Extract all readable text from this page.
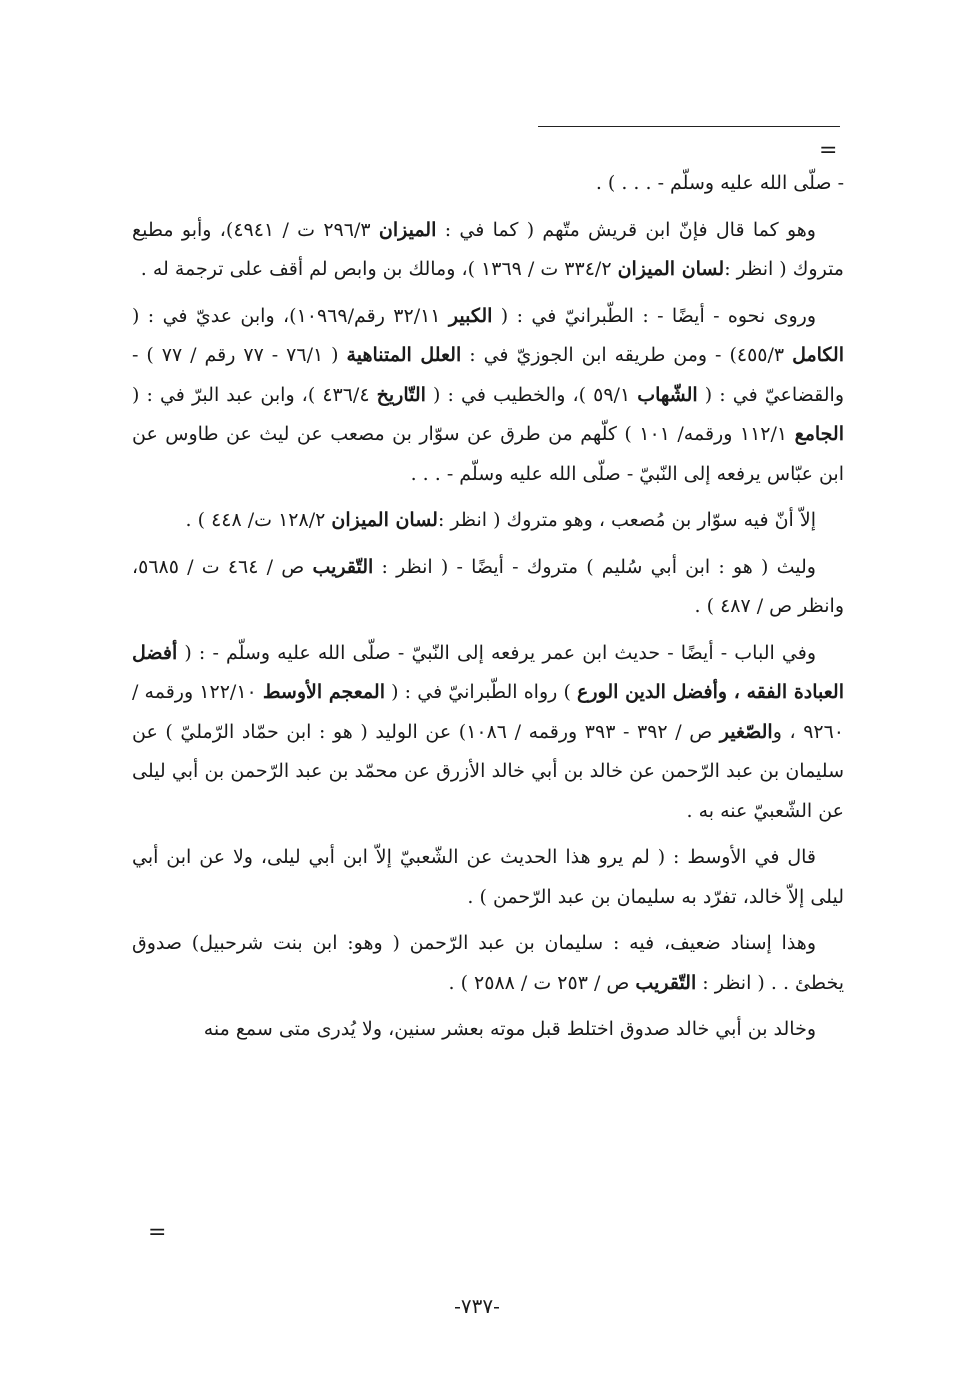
=

- صلّى الله عليه وسلّم - . . . ) .

وهو كما قال فإنّ ابن قريش متّهم ( كما في : الميزان ٢٩٦/٣ ت / ٤٩٤١)، وأبو مطيع متروك ( انظر :لسان الميزان ٣٣٤/٢ ت / ١٣٦٩ )، ومالك بن وابص لم أقف على ترجمة له .

وروى نحوه - أيضًا - : الطّبرانيّ في : ( الكبير ٣٢/١١ رقم/١٠٩٦٩)، وابن عديّ في : ( الكامل ٤٥٥/٣) - ومن طريقه ابن الجوزيّ في : العلل المتناهية ( ٧٦/١ - ٧٧ رقم / ٧٧ ) - والقضاعيّ في : ( الشّهاب ٥٩/١ )، والخطيب في : ( التّاريخ ٤٣٦/٤ )، وابن عبد البرّ في : ( الجامع ١١٢/١ ورقمه/ ١٠١ ) كلّهم من طرق عن سوّار بن مصعب عن ليث عن طاوس عن ابن عبّاس يرفعه إلى النّبيّ - صلّى الله عليه وسلّم - . . .

إلاّ أنّ فيه سوّار بن مُصعب ، وهو متروك ( انظر :لسان الميزان ١٢٨/٢ ت/ ٤٤٨ ) .

وليث ( هو : ابن أبي سُليم ) متروك - أيضًا - ( انظر : التّقريب ص / ٤٦٤ ت / ٥٦٨٥، وانظر ص / ٤٨٧ ) .

وفي الباب - أيضًا - حديث ابن عمر يرفعه إلى النّبيّ - صلّى الله عليه وسلّم - : ( أفضل العبادة الفقه ، وأفضل الدين الورع ) رواه الطّبرانيّ في : ( المعجم الأوسط ١٢٢/١٠ ورقمه / ٩٢٦٠ ، والصّغير ص / ٣٩٢ - ٣٩٣ ورقمه / ١٠٨٦) عن الوليد ( هو : ابن حمّاد الرّمليّ ) عن سليمان بن عبد الرّحمن عن خالد بن أبي خالد الأزرق عن محمّد بن عبد الرّحمن بن أبي ليلى عن الشّعبيّ عنه به .

قال في الأوسط : ( لم يرو هذا الحديث عن الشّعبيّ إلاّ ابن أبي ليلى، ولا عن ابن أبي ليلى إلاّ خالد، تفرّد به سليمان بن عبد الرّحمن ) .

وهذا إسناد ضعيف، فيه : سليمان بن عبد الرّحمن ( وهو: ابن بنت شرحبيل) صدوق يخطئ . . ( انظر : التّقريب ص / ٢٥٣ ت / ٢٥٨٨ ) .

وخالد بن أبي خالد صدوق اختلط قبل موته بعشر سنين، ولا يُدرى متى سمع منه

=
-٧٣٧-
